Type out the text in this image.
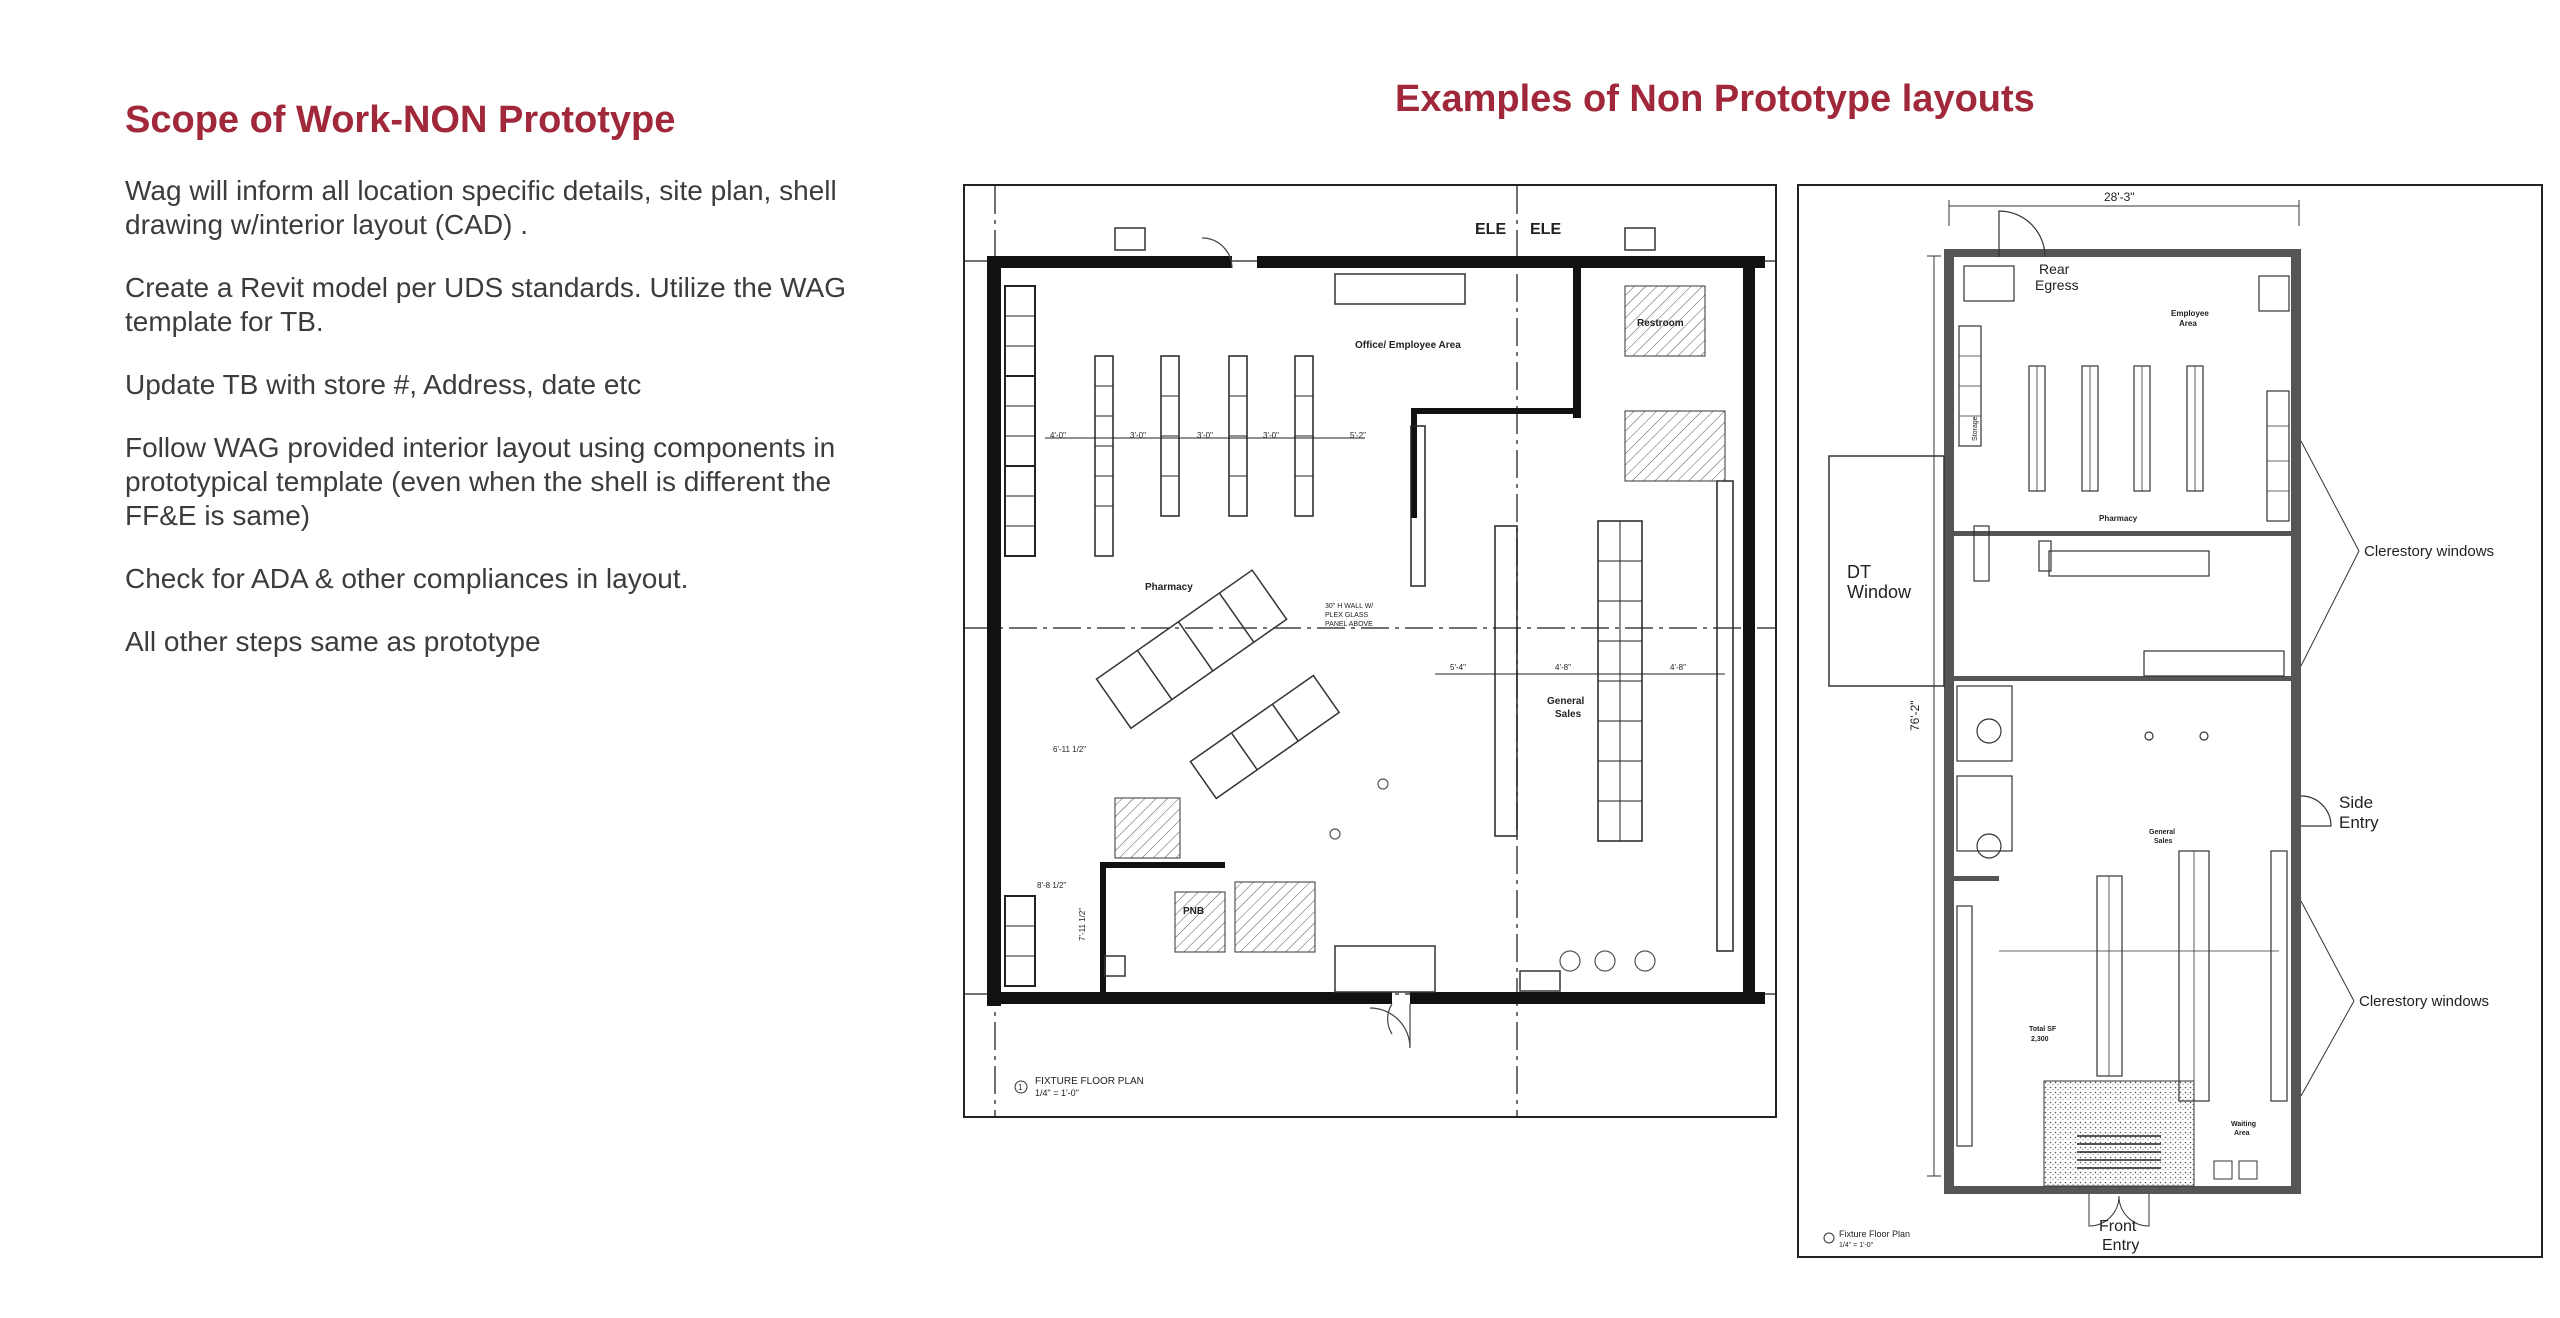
Scope of Work-NON Prototype

Wag will inform all location specific details, site plan, shell drawing w/interior layout (CAD) .

Create a Revit model per UDS standards. Utilize the WAG template for TB.

Update TB with store #, Address, date etc

Follow WAG provided interior layout using components in prototypical template (even when the shell is different the FF&E is same)

Check for ADA & other compliances in layout.

All other steps same as prototype

Examples of Non Prototype layouts
ELE ELE
Restroom
Office/ Employee Area
Pharmacy
30" H WALL W/
PLEX GLASS
PANEL ABOVE
General
Sales
PNB
4'-0"	3'-0"	3'-0"	3'-0"	5'-2"
5'-4"	4'-8"	4'-8"
6'-11 1/2"
8'-8 1/2"
7'-11 1/2"
1
FIXTURE FLOOR PLAN
1/4" = 1'-0"
28'-3"
76'-2"
DT
Window
Rear
Egress
Employee
Area
Storage
Pharmacy
Clerestory windows
Clerestory windows
Side
Entry
General
Sales
Total SF
2,300
Waiting
Area
Front
Entry
Fixture Floor Plan
1/4" = 1'-0"
